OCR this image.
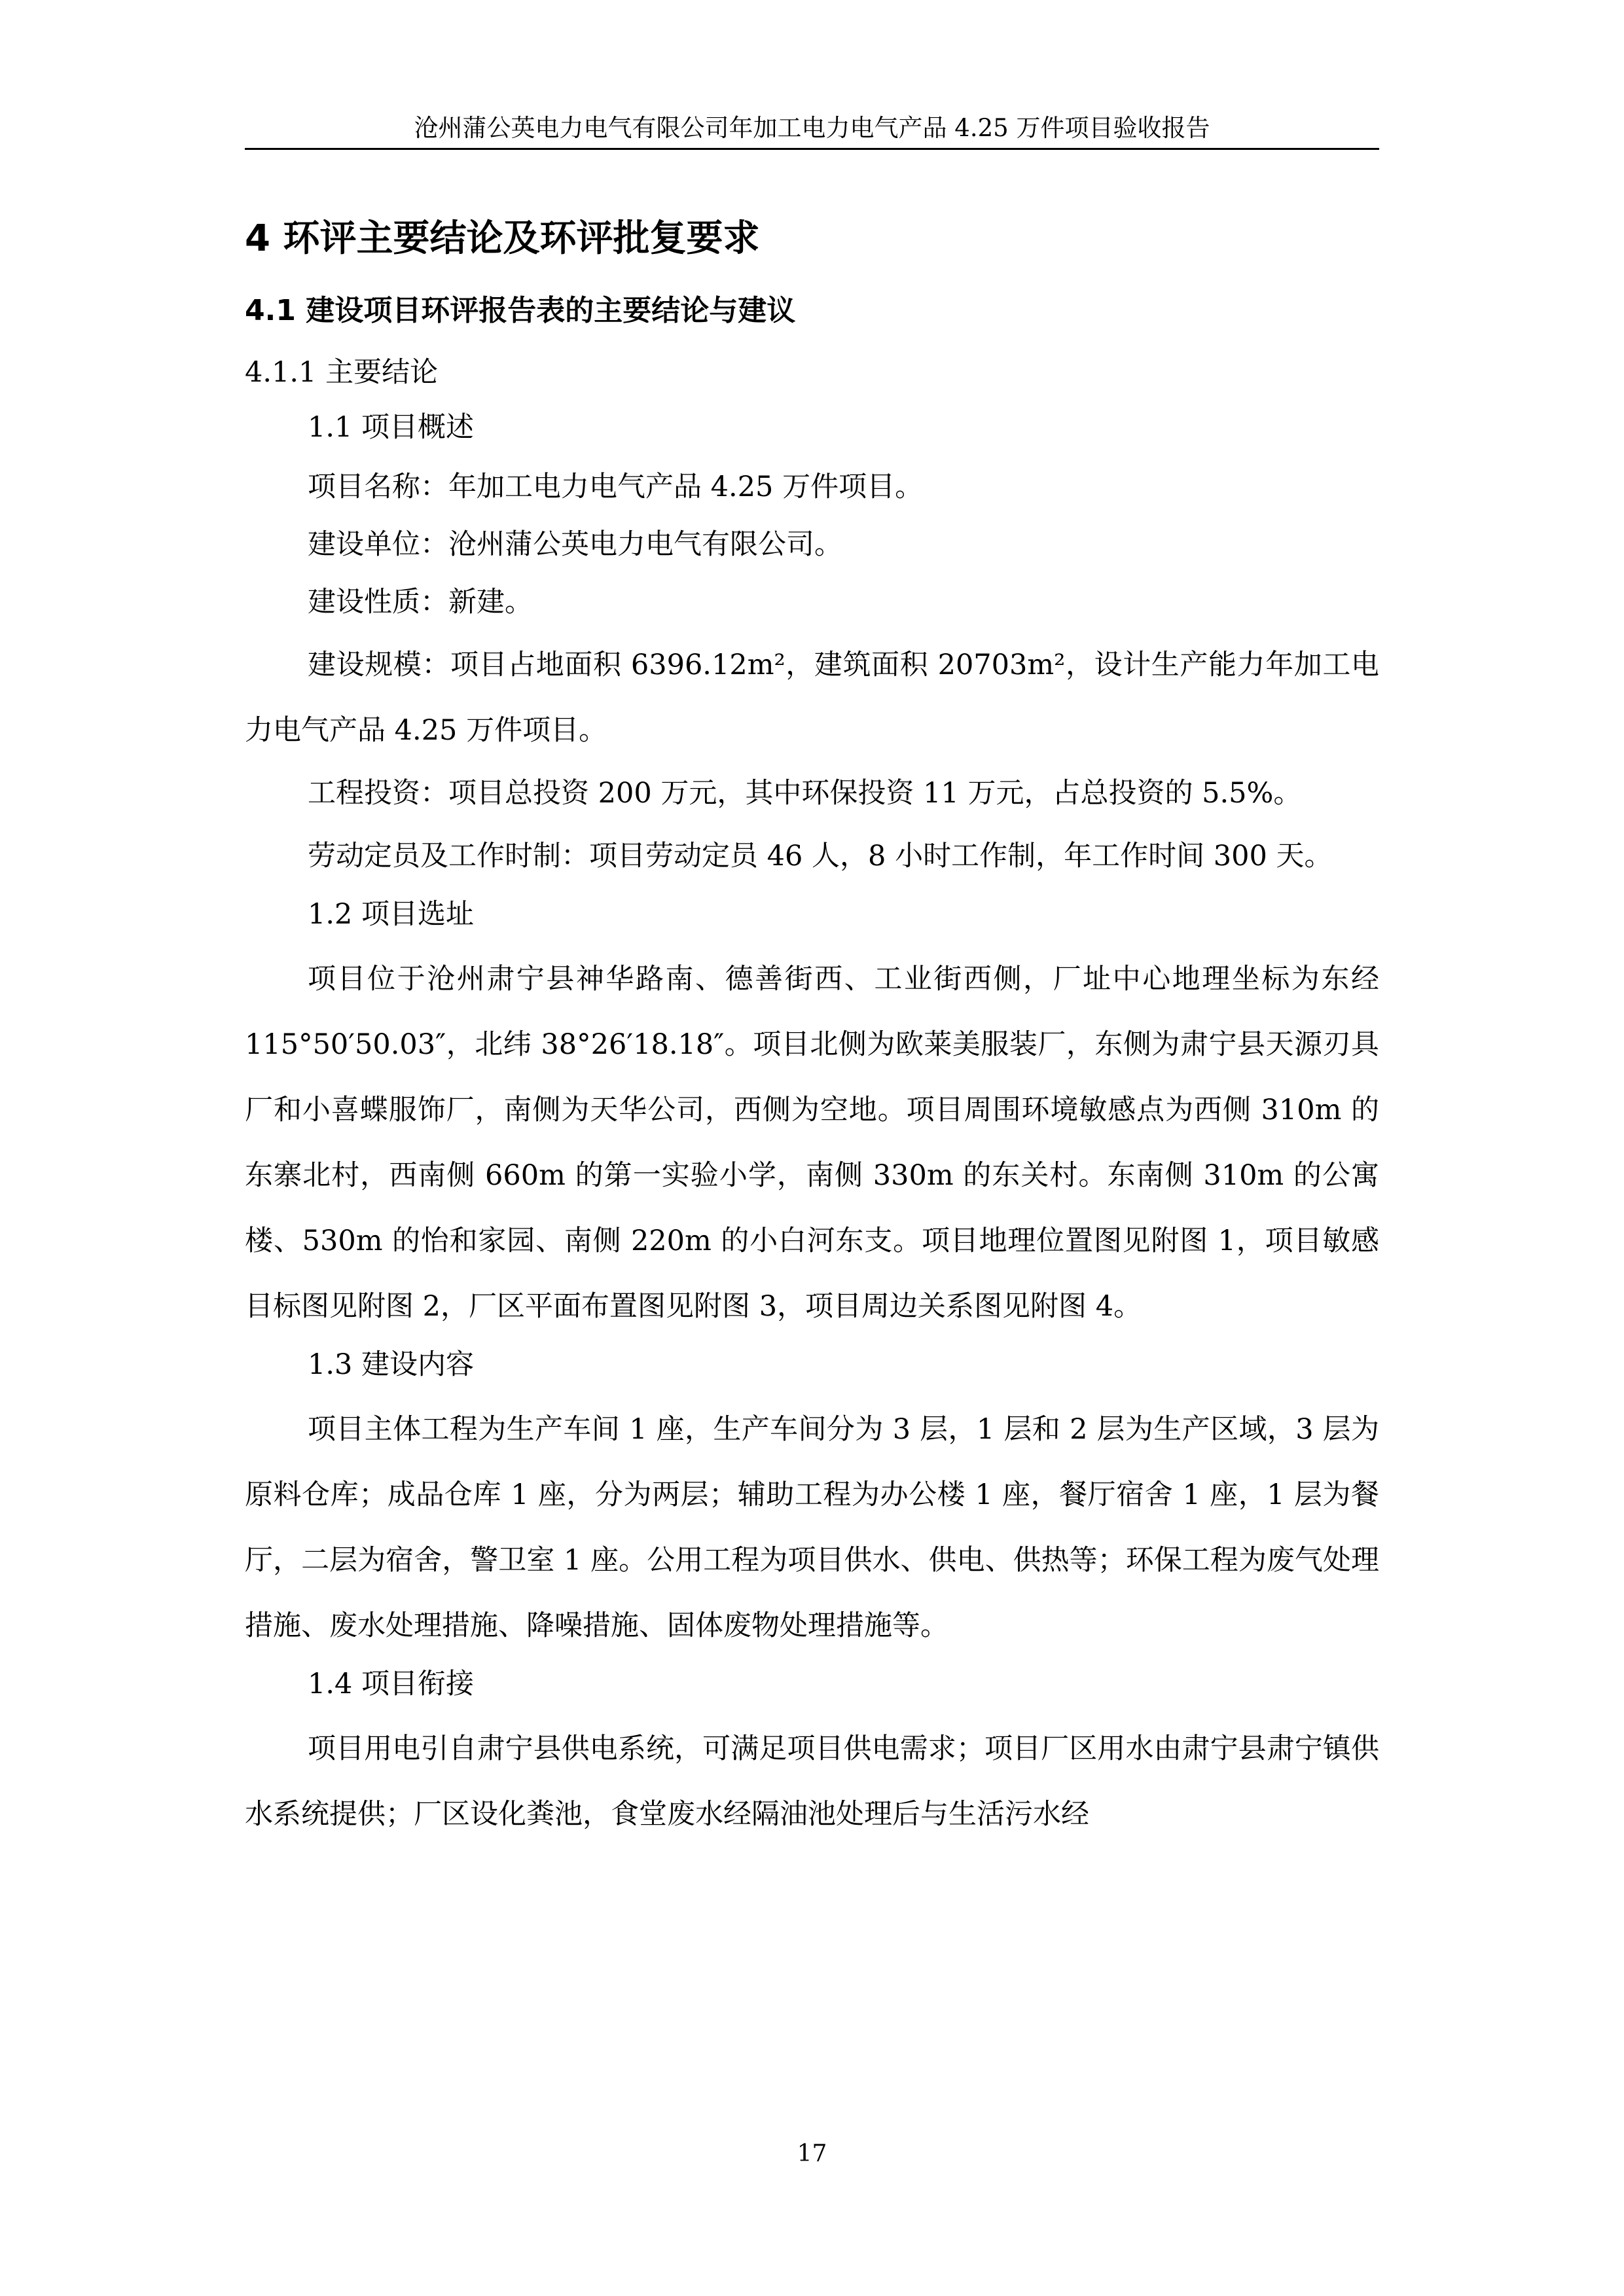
沧州蒲公英电力电气有限公司年加工电力电气产品 4.25 万件项目验收报告
4 环评主要结论及环评批复要求
4.1 建设项目环评报告表的主要结论与建议
4.1.1 主要结论
1.1 项目概述
项目名称：年加工电力电气产品 4.25 万件项目。
建设单位：沧州蒲公英电力电气有限公司。
建设性质：新建。
建设规模：项目占地面积 6396.12m²，建筑面积 20703m²，设计生产能力年加工电力电气产品 4.25 万件项目。
工程投资：项目总投资 200 万元，其中环保投资 11 万元，占总投资的 5.5%。
劳动定员及工作时制：项目劳动定员 46 人，8 小时工作制，年工作时间 300 天。
1.2 项目选址
项目位于沧州肃宁县神华路南、德善街西、工业街西侧，厂址中心地理坐标为东经 115°50′50.03″，北纬 38°26′18.18″。项目北侧为欧莱美服装厂，东侧为肃宁县天源刃具厂和小喜蝶服饰厂，南侧为天华公司，西侧为空地。项目周围环境敏感点为西侧 310m 的东寨北村，西南侧 660m 的第一实验小学，南侧 330m 的东关村。东南侧 310m 的公寓楼、530m 的怡和家园、南侧 220m 的小白河东支。项目地理位置图见附图 1，项目敏感目标图见附图 2，厂区平面布置图见附图 3，项目周边关系图见附图 4。
1.3 建设内容
项目主体工程为生产车间 1 座，生产车间分为 3 层，1 层和 2 层为生产区域，3 层为原料仓库；成品仓库 1 座，分为两层；辅助工程为办公楼 1 座，餐厅宿舍 1 座，1 层为餐厅，二层为宿舍，警卫室 1 座。公用工程为项目供水、供电、供热等；环保工程为废气处理措施、废水处理措施、降噪措施、固体废物处理措施等。
1.4 项目衔接
项目用电引自肃宁县供电系统，可满足项目供电需求；项目厂区用水由肃宁县肃宁镇供水系统提供；厂区设化粪池，食堂废水经隔油池处理后与生活污水经
17
